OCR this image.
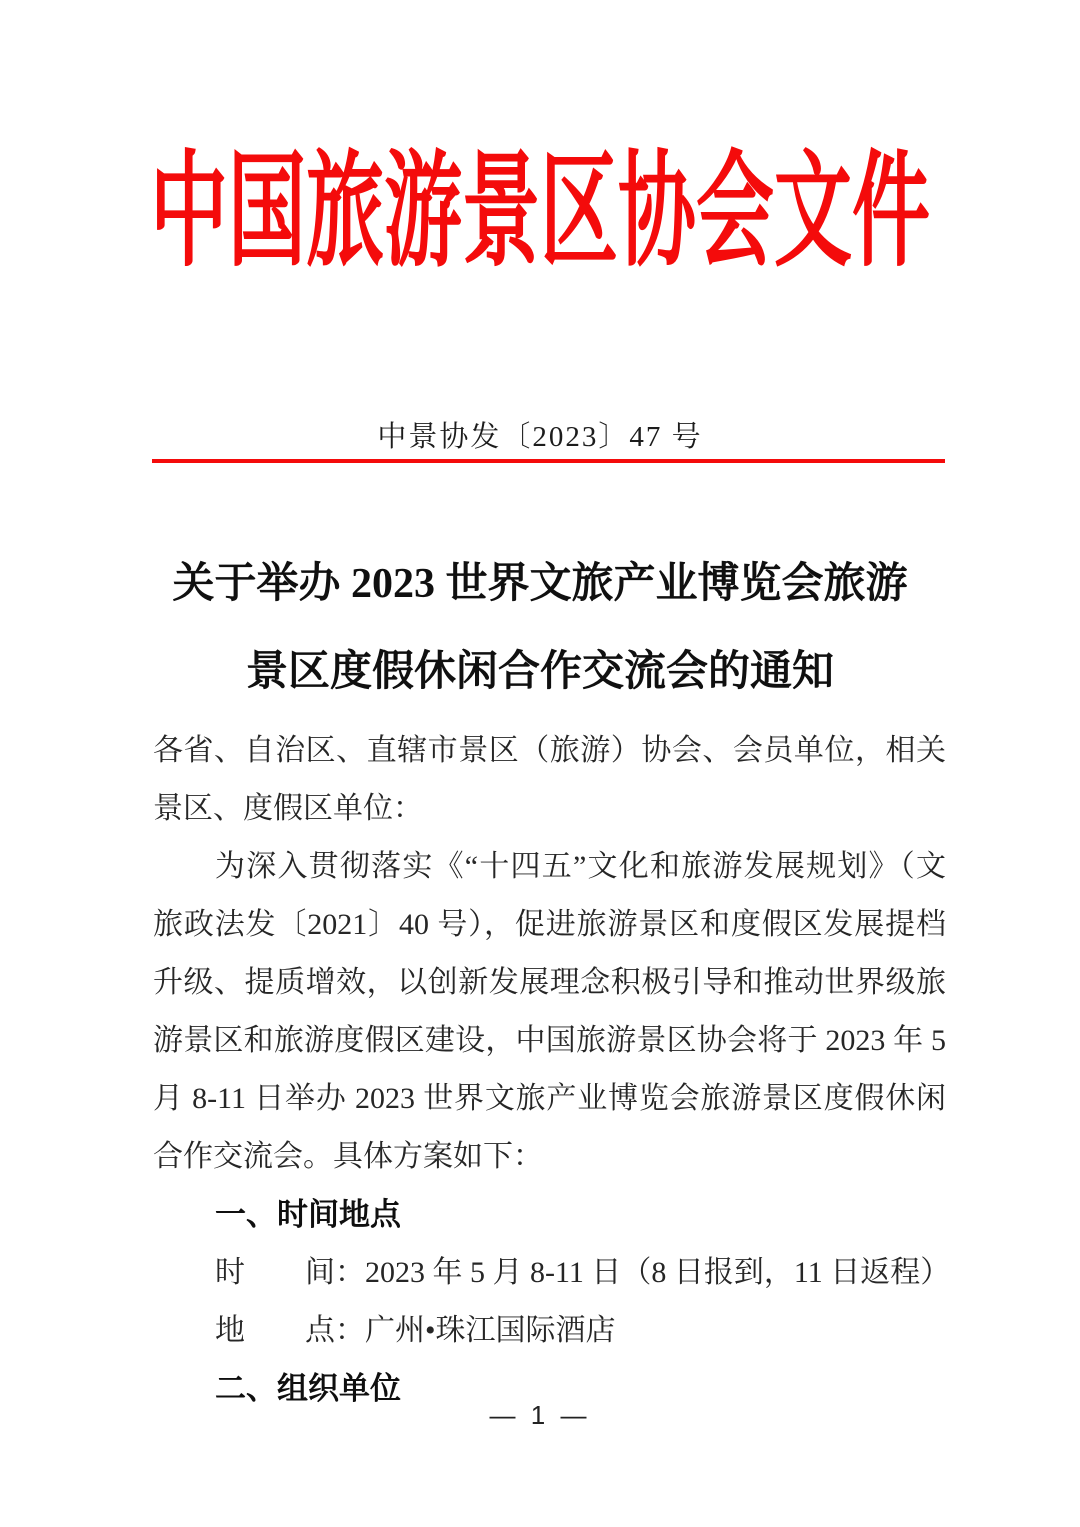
中国旅游景区协会文件
中景协发〔2023〕47 号
关于举办 2023 世界文旅产业博览会旅游
景区度假休闲合作交流会的通知
各省、自治区、直辖市景区（旅游）协会、会员单位，相关
景区、度假区单位：
为深入贯彻落实《“十四五”文化和旅游发展规划》（文
旅政法发〔2021〕40 号），促进旅游景区和度假区发展提档
升级、提质增效，以创新发展理念积极引导和推动世界级旅
游景区和旅游度假区建设，中国旅游景区协会将于 2023 年 5
月 8-11 日举办 2023 世界文旅产业博览会旅游景区度假休闲
合作交流会。具体方案如下：
一、时间地点
时　　间：2023 年 5 月 8-11 日（8 日报到，11 日返程）
地　　点：广州•珠江国际酒店
二、组织单位
— 1 —
